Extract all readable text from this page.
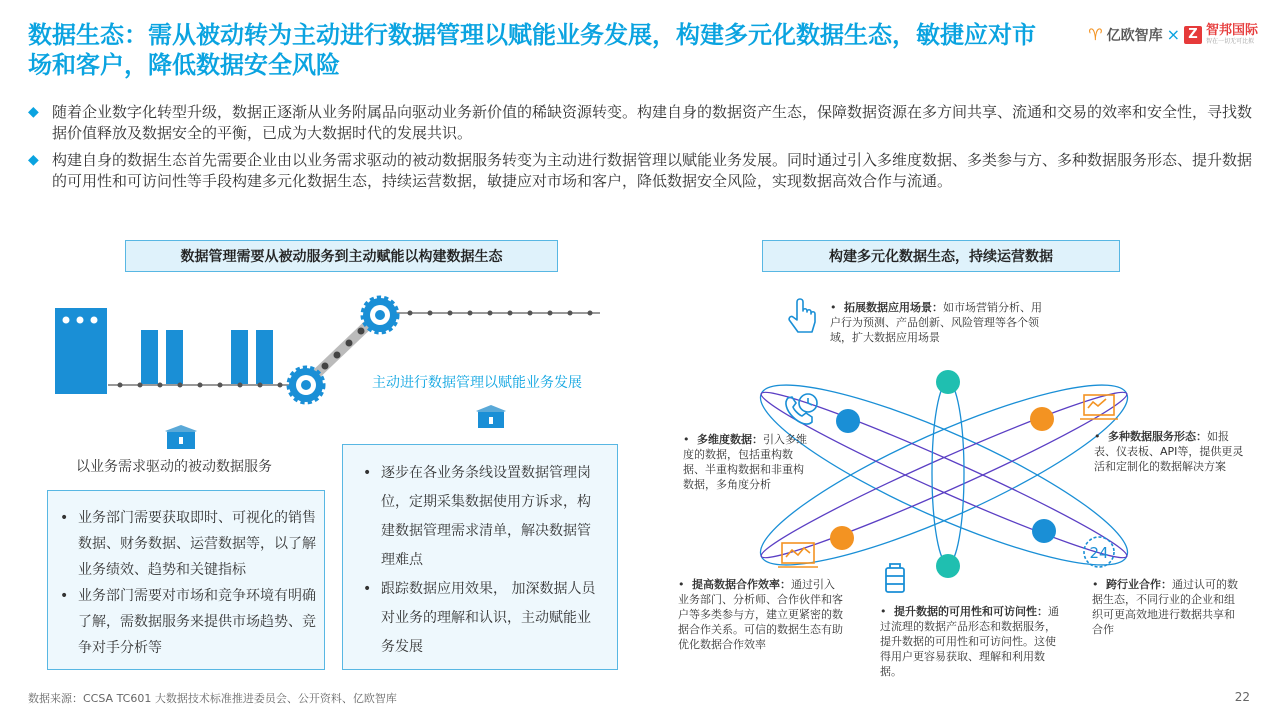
数据生态：需从被动转为主动进行数据管理以赋能业务发展，构建多元化数据生态，敏捷应对市场和客户，降低数据安全风险
♈ 亿欧智库 × Z 智邦国际
智在一切无可比拟
◆ 随着企业数字化转型升级，数据正逐渐从业务附属品向驱动业务新价值的稀缺资源转变。构建自身的数据资产生态，保障数据资源在多方间共享、流通和交易的效率和安全性，寻找数据价值释放及数据安全的平衡，已成为大数据时代的发展共识。
◆ 构建自身的数据生态首先需要企业由以业务需求驱动的被动数据服务转变为主动进行数据管理以赋能业务发展。同时通过引入多维度数据、多类参与方、多种数据服务形态、提升数据的可用性和可访问性等手段构建多元化数据生态，持续运营数据，敏捷应对市场和客户，降低数据安全风险，实现数据高效合作与流通。
数据管理需要从被动服务到主动赋能以构建数据生态
主动进行数据管理以赋能业务发展
以业务需求驱动的被动数据服务
• 业务部门需要获取即时、可视化的销售数据、财务数据、运营数据等，以了解业务绩效、趋势和关键指标
• 业务部门需要对市场和竞争环境有明确了解，需数据服务来提供市场趋势、竞争对手分析等
• 逐步在各业务条线设置数据管理岗位，定期采集数据使用方诉求，构建数据管理需求清单，解决数据管理难点
• 跟踪数据应用效果， 加深数据人员对业务的理解和认识，主动赋能业务发展
构建多元化数据生态，持续运营数据
24
• 拓展数据应用场景：如市场营销分析、用户行为预测、产品创新、风险管理等各个领域，扩大数据应用场景
• 多维度数据：引入多维度的数据，包括重构数据、半重构数据和非重构数据，多角度分析
• 多种数据服务形态：如报表、仪表板、API等，提供更灵活和定制化的数据解决方案
• 提高数据合作效率：通过引入业务部门、分析师、合作伙伴和客户等多类参与方，建立更紧密的数据合作关系。可信的数据生态有助优化数据合作效率
• 提升数据的可用性和可访问性：通过流理的数据产品形态和数据服务，提升数据的可用性和可访问性。这使得用户更容易获取、理解和利用数据。
• 跨行业合作：通过认可的数据生态，不同行业的企业和组织可更高效地进行数据共享和合作
数据来源：CCSA TC601 大数据技术标准推进委员会、公开资料、亿欧智库	22
